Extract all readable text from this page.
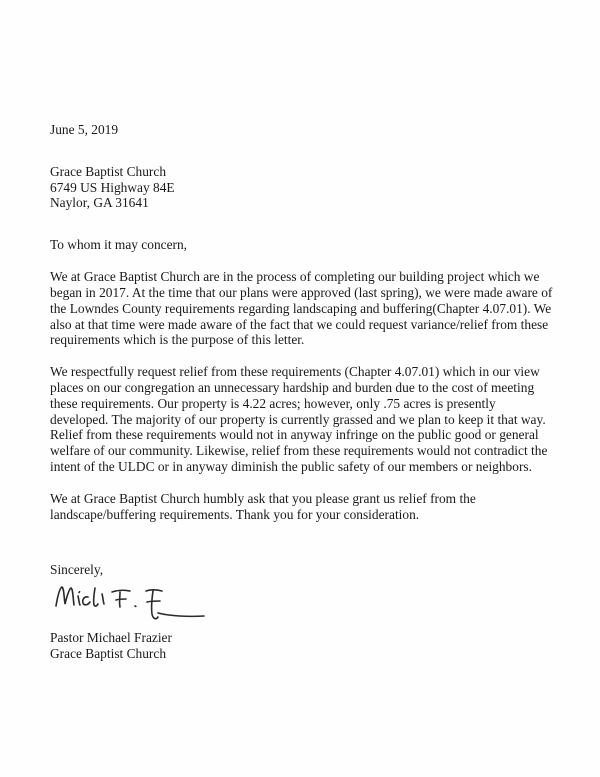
June 5, 2019
Grace Baptist Church
6749 US Highway 84E
Naylor, GA 31641
To whom it may concern,

We at Grace Baptist Church are in the process of completing our building project which we began in 2017. At the time that our plans were approved (last spring), we were made aware of the Lowndes County requirements regarding landscaping and buffering(Chapter 4.07.01). We also at that time were made aware of the fact that we could request variance/relief from these requirements which is the purpose of this letter.

We respectfully request relief from these requirements (Chapter 4.07.01) which in our view places on our congregation an unnecessary hardship and burden due to the cost of meeting these requirements. Our property is 4.22 acres; however, only .75 acres is presently developed. The majority of our property is currently grassed and we plan to keep it that way. Relief from these requirements would not in anyway infringe on the public good or general welfare of our community. Likewise, relief from these requirements would not contradict the intent of the ULDC or in anyway diminish the public safety of our members or neighbors.

We at Grace Baptist Church humbly ask that you please grant us relief from the landscape/buffering requirements. Thank you for your consideration.

Sincerely,
Pastor Michael Frazier
Grace Baptist Church
